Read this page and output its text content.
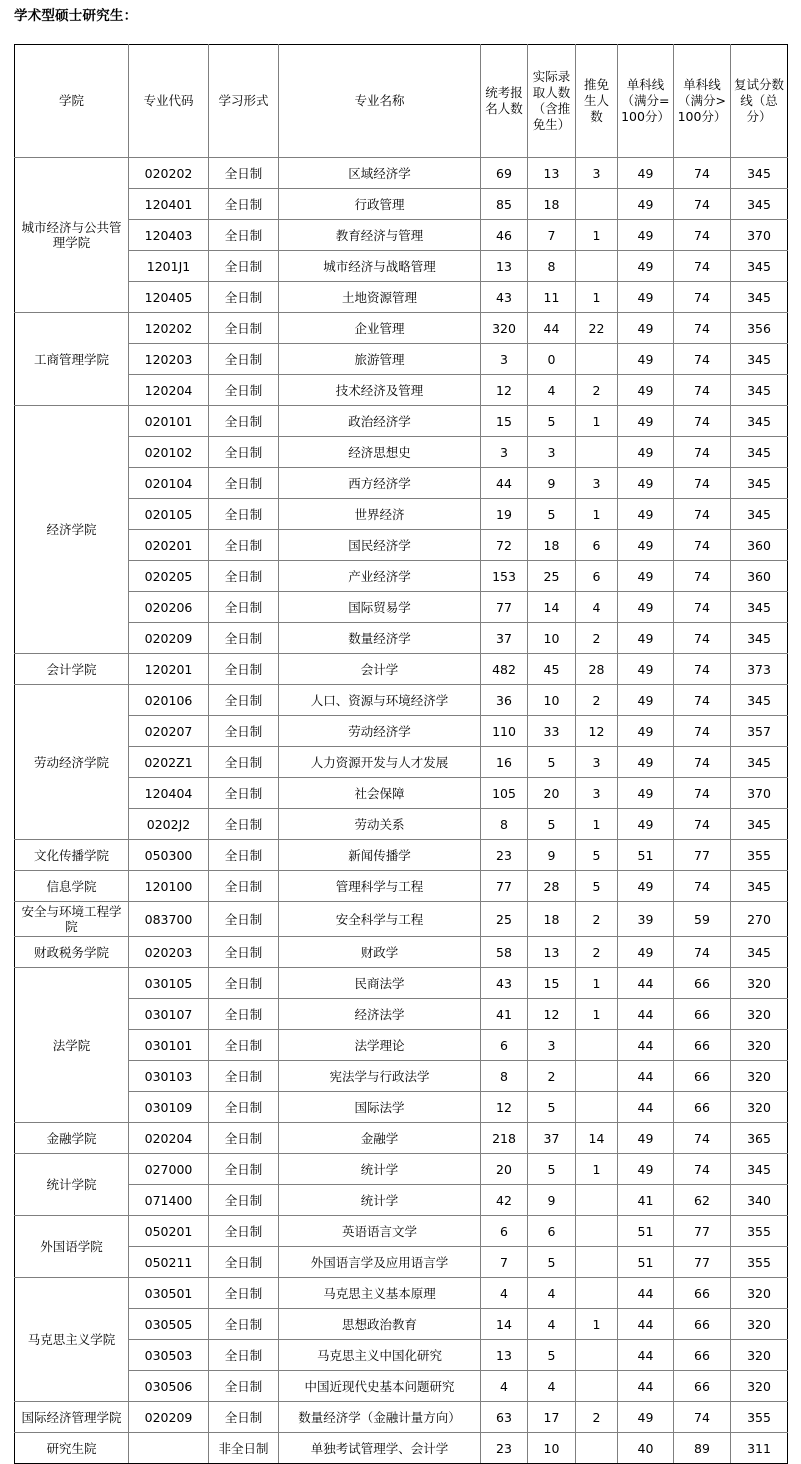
学术型硕士研究生：
学院	专业代码	学习形式	专业名称	统考报名人数	实际录取人数（含推免生）	推免生人数	单科线（满分=100分）	单科线（满分>100分）	复试分数线（总分）
城市经济与公共管理学院	020202	全日制	区域经济学	69	13	3	49	74	345
	120401	全日制	行政管理	85	18		49	74	345
	120403	全日制	教育经济与管理	46	7	1	49	74	370
	1201J1	全日制	城市经济与战略管理	13	8		49	74	345
	120405	全日制	土地资源管理	43	11	1	49	74	345
工商管理学院	120202	全日制	企业管理	320	44	22	49	74	356
	120203	全日制	旅游管理	3	0		49	74	345
	120204	全日制	技术经济及管理	12	4	2	49	74	345
经济学院	020101	全日制	政治经济学	15	5	1	49	74	345
	020102	全日制	经济思想史	3	3		49	74	345
	020104	全日制	西方经济学	44	9	3	49	74	345
	020105	全日制	世界经济	19	5	1	49	74	345
	020201	全日制	国民经济学	72	18	6	49	74	360
	020205	全日制	产业经济学	153	25	6	49	74	360
	020206	全日制	国际贸易学	77	14	4	49	74	345
	020209	全日制	数量经济学	37	10	2	49	74	345
会计学院	120201	全日制	会计学	482	45	28	49	74	373
劳动经济学院	020106	全日制	人口、资源与环境经济学	36	10	2	49	74	345
	020207	全日制	劳动经济学	110	33	12	49	74	357
	0202Z1	全日制	人力资源开发与人才发展	16	5	3	49	74	345
	120404	全日制	社会保障	105	20	3	49	74	370
	0202J2	全日制	劳动关系	8	5	1	49	74	345
文化传播学院	050300	全日制	新闻传播学	23	9	5	51	77	355
信息学院	120100	全日制	管理科学与工程	77	28	5	49	74	345
安全与环境工程学院	083700	全日制	安全科学与工程	25	18	2	39	59	270
财政税务学院	020203	全日制	财政学	58	13	2	49	74	345
法学院	030105	全日制	民商法学	43	15	1	44	66	320
	030107	全日制	经济法学	41	12	1	44	66	320
	030101	全日制	法学理论	6	3		44	66	320
	030103	全日制	宪法学与行政法学	8	2		44	66	320
	030109	全日制	国际法学	12	5		44	66	320
金融学院	020204	全日制	金融学	218	37	14	49	74	365
统计学院	027000	全日制	统计学	20	5	1	49	74	345
	071400	全日制	统计学	42	9		41	62	340
外国语学院	050201	全日制	英语语言文学	6	6		51	77	355
	050211	全日制	外国语言学及应用语言学	7	5		51	77	355
马克思主义学院	030501	全日制	马克思主义基本原理	4	4		44	66	320
	030505	全日制	思想政治教育	14	4	1	44	66	320
	030503	全日制	马克思主义中国化研究	13	5		44	66	320
	030506	全日制	中国近现代史基本问题研究	4	4		44	66	320
国际经济管理学院	020209	全日制	数量经济学（金融计量方向）	63	17	2	49	74	355
研究生院		非全日制	单独考试管理学、会计学	23	10		40	89	311
